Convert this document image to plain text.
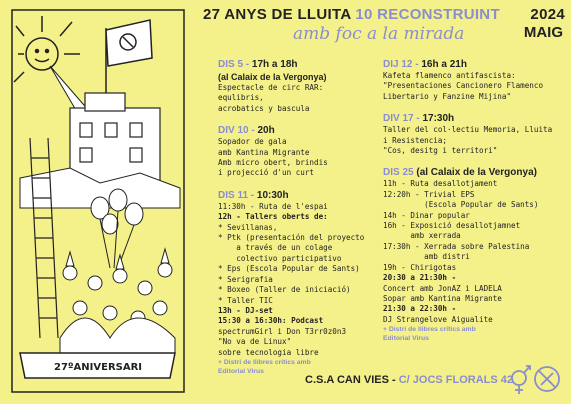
27ºANIVERSARI
27 ANYS DE LLUITA 10 RECONSTRUINT 2024
amb foc a la mirada	MAIG
DIS 5 - 17h a 18h
(al Calaix de la Vergonya)
Espectacle de circ RAR:
equlibris,
acrobatics y bascula
DIV 10 - 20h
Sopador de gala
amb Kantina Migrante
Amb micro obert, brindis
i projecció d'un curt
DIS 11 - 10:30h
11:30h - Ruta de l'espai
12h - Tallers oberts de:
* Sevillanas,
* Ptk (presentación del proyecto
a través de un colage
colectivo participativo
* Eps (Escola Popular de Sants)
* Serigrafia
* Boxeo (Taller de iniciació)
* Taller TIC
13h - DJ-set
15:30 a 16:30h: Podcast
spectrumGirl i Don T3rr0z0n3
"No va de Linux"
sobre tecnologia libre
+ Distri de llibres crítics amb
Editorial Virus
DIJ 12 - 16h a 21h
Kafeta flamenco antifascista:
"Presentaciones Cancionero Flamenco
Libertario y Fanzine Mijina"
DIV 17 - 17:30h
Taller del col·lectiu Memoria, Lluita
i Resistencia;
"Cos, desitg i territori"
DIS 25 (al Calaix de la Vergonya)
11h - Ruta desallotjament
12:20h - Trivial EPS
(Escola Popular de Sants)
14h - Dinar popular
16h - Exposició desallotjamnet
amb xerrada
17:30h - Xerrada sobre Palestina
amb distri
19h - Chirigotas
20:30 a 21:30h -
Concert amb JonAZ i LADELA
Sopar amb Kantina Migrante
21:30 a 22:30h -
DJ Strangelove Aigualite
+ Distri de llibres crítics amb
Editorial Virus
C.S.A CAN VIES - C/ JOCS FLORALS 42
